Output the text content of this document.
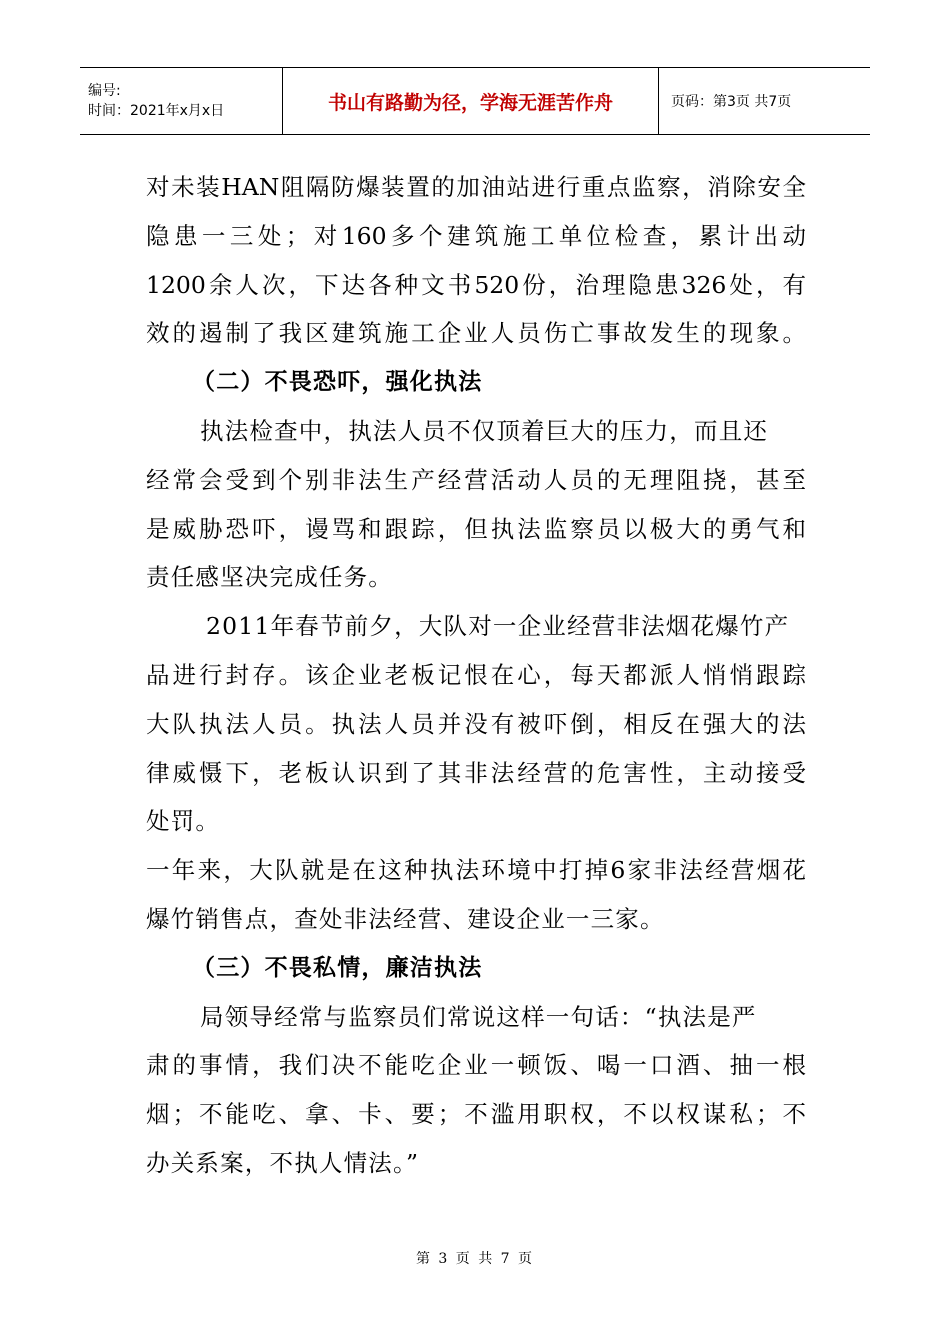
编号:
时间：2021年x月x日	书山有路勤为径，学海无涯苦作舟	页码：第3页 共7页
对未装HAN阻隔防爆装置的加油站进行重点监察，消除安全
隐患一三处；对160多个建筑施工单位检查，累计出动
1200余人次，下达各种文书520份，治理隐患326处，有
效的遏制了我区建筑施工企业人员伤亡事故发生的现象。
（二）不畏恐吓，强化执法
执法检查中，执法人员不仅顶着巨大的压力，而且还
经常会受到个别非法生产经营活动人员的无理阻挠，甚至
是威胁恐吓，谩骂和跟踪，但执法监察员以极大的勇气和
责任感坚决完成任务。
2011年春节前夕，大队对一企业经营非法烟花爆竹产
品进行封存。该企业老板记恨在心，每天都派人悄悄跟踪
大队执法人员。执法人员并没有被吓倒，相反在强大的法
律威慑下，老板认识到了其非法经营的危害性，主动接受
处罚。
一年来，大队就是在这种执法环境中打掉6家非法经营烟花
爆竹销售点，查处非法经营、建设企业一三家。
（三）不畏私情，廉洁执法
局领导经常与监察员们常说这样一句话：“执法是严
肃的事情，我们决不能吃企业一顿饭、喝一口酒、抽一根
烟；不能吃、拿、卡、要；不滥用职权，不以权谋私；不
办关系案，不执人情法。”
第 3 页 共 7 页
